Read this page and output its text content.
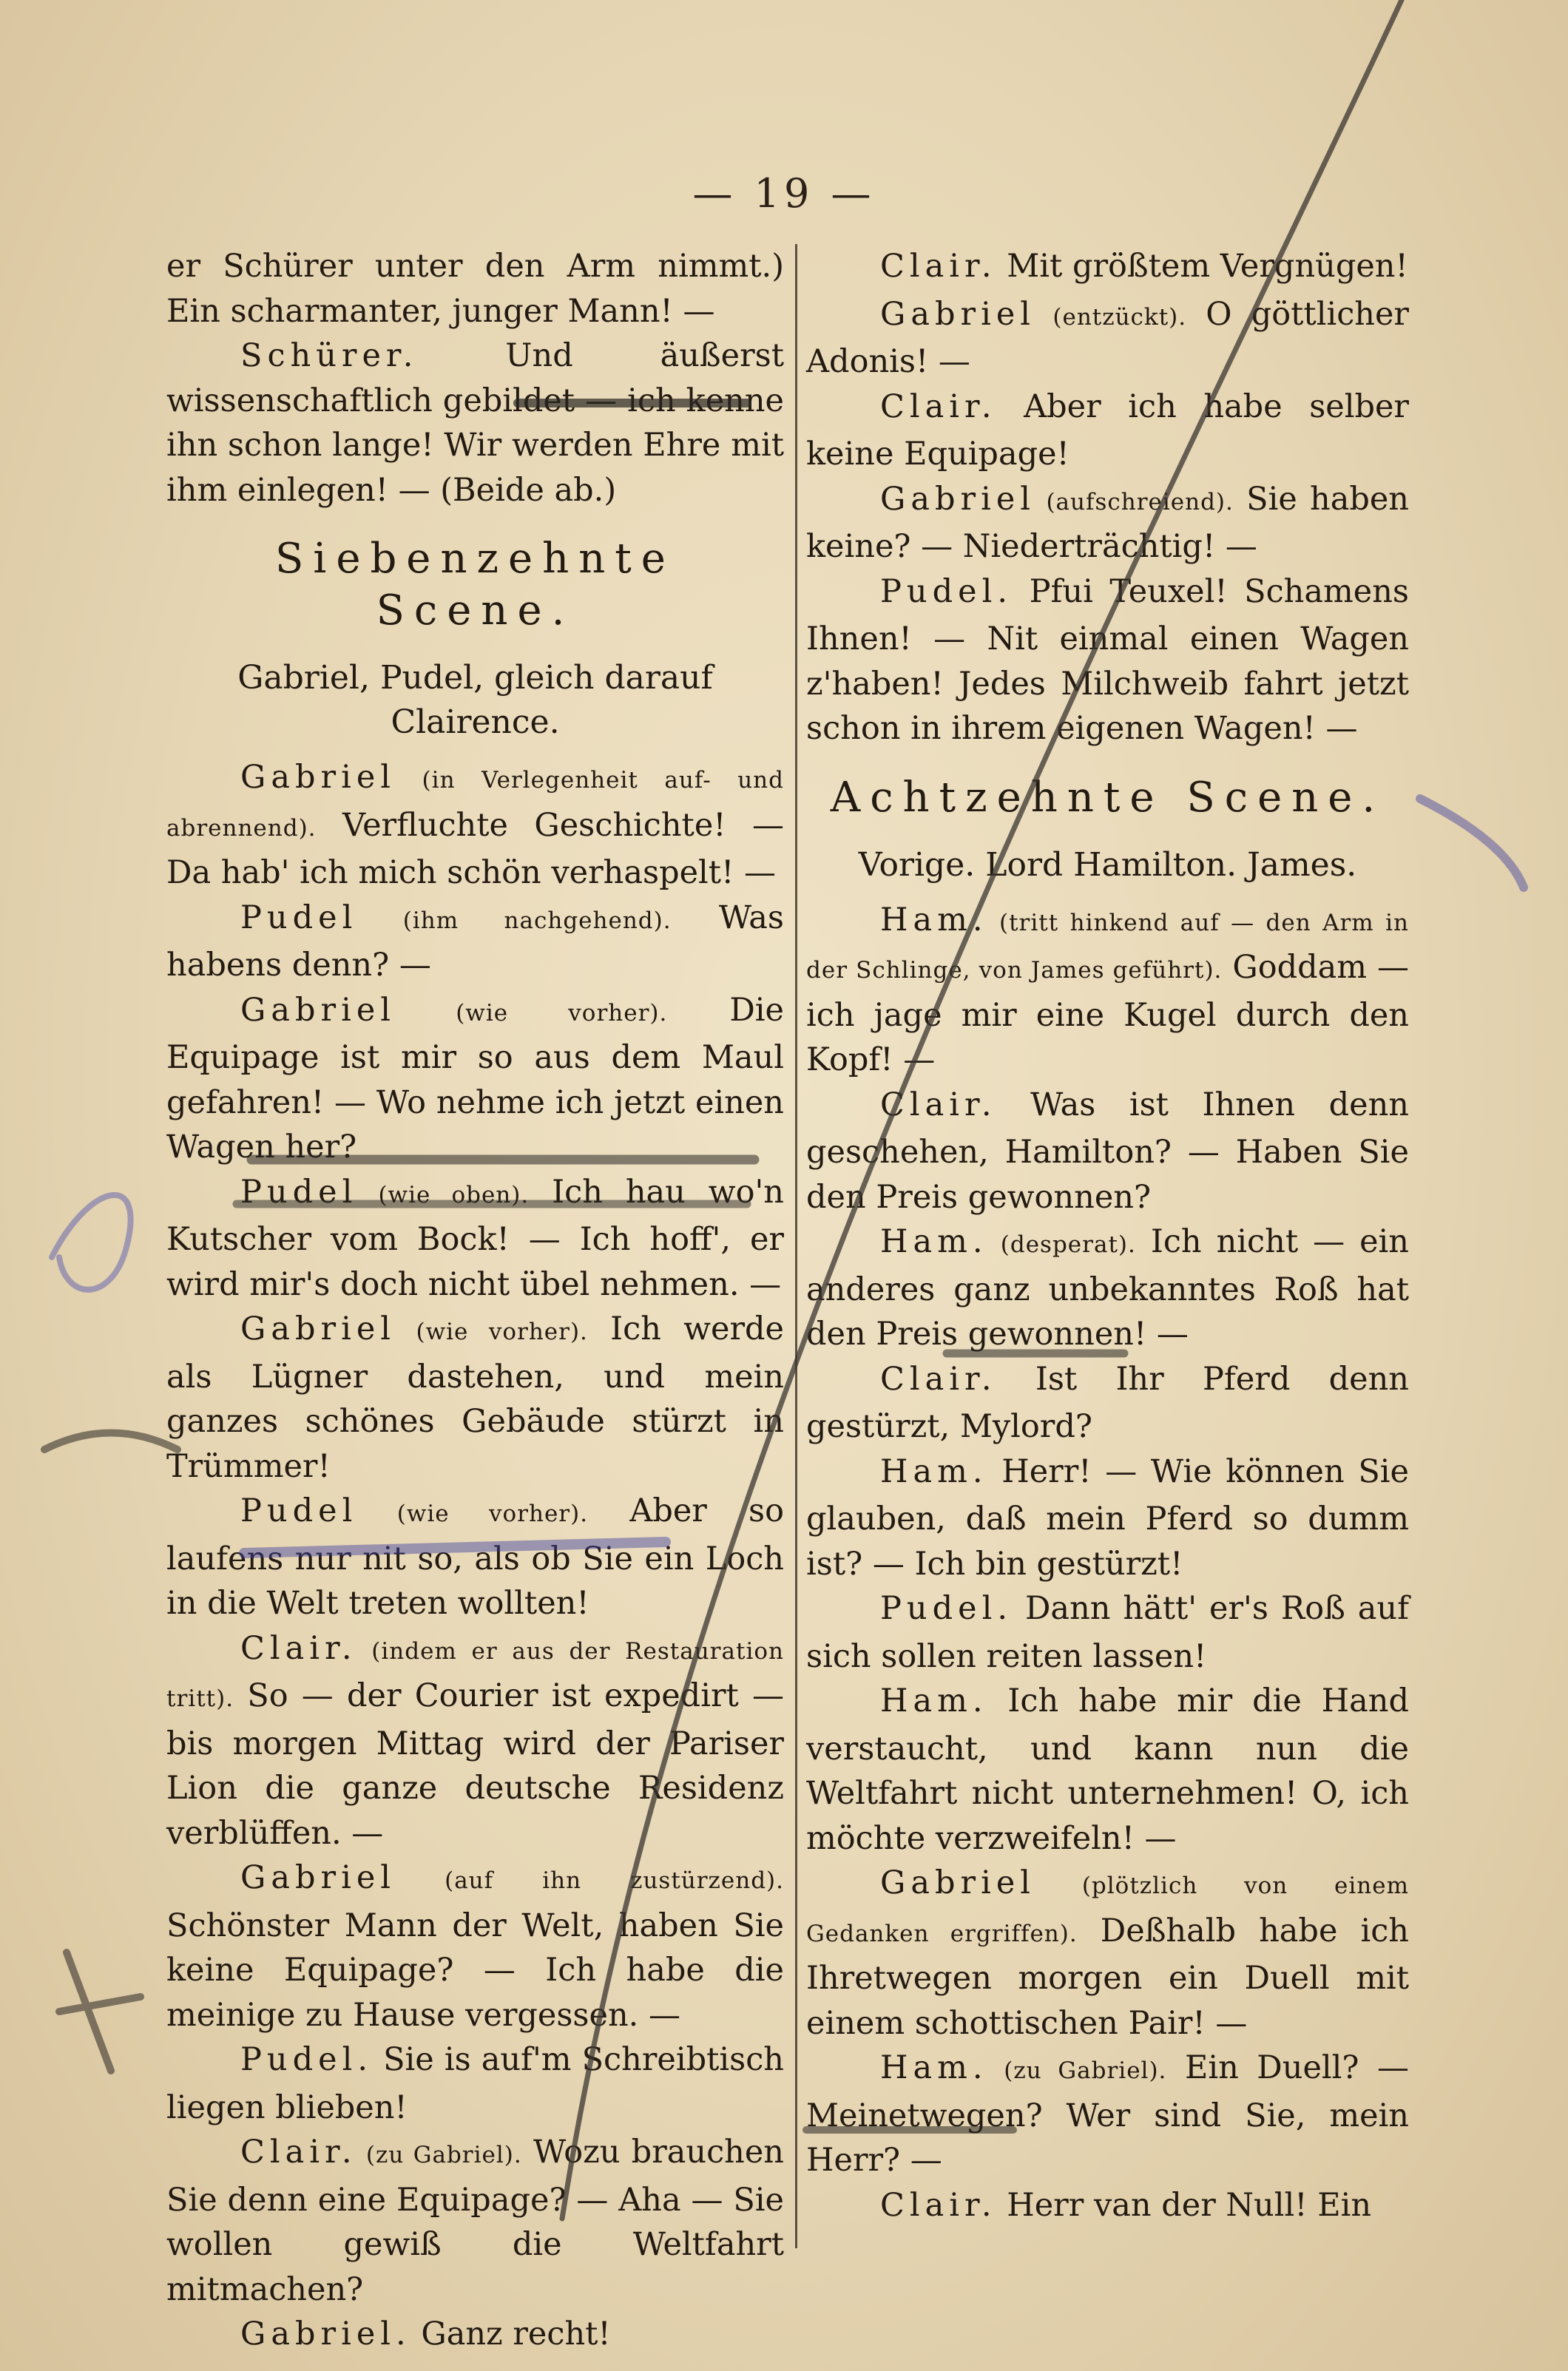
— 19 —

er Schürer unter den Arm nimmt.) Ein scharmanter, junger Mann! —

Schürer. Und äußerst wissenschaftlich gebildet — ich kenne ihn schon lange! Wir werden Ehre mit ihm einlegen! — (Beide ab.)

Siebenzehnte Scene.
Gabriel, Pudel, gleich darauf Clairence.

Gabriel (in Verlegenheit auf- und abrennend). Verfluchte Geschichte! — Da hab' ich mich schön verhaspelt! —

Pudel (ihm nachgehend). Was habens denn? —

Gabriel (wie vorher). Die Equipage ist mir so aus dem Maul gefahren! — Wo nehme ich jetzt einen Wagen her?

Pudel (wie oben). Ich hau wo'n Kutscher vom Bock! — Ich hoff', er wird mir's doch nicht übel nehmen. —

Gabriel (wie vorher). Ich werde als Lügner dastehen, und mein ganzes schönes Gebäude stürzt in Trümmer!

Pudel (wie vorher). Aber so laufens nur nit so, als ob Sie ein Loch in die Welt treten wollten!

Clair. (indem er aus der Restauration tritt). So — der Courier ist expedirt — bis morgen Mittag wird der Pariser Lion die ganze deutsche Residenz verblüffen. —

Gabriel (auf ihn zustürzend). Schönster Mann der Welt, haben Sie keine Equipage? — Ich habe die meinige zu Hause vergessen. —

Pudel. Sie is auf'm Schreibtisch liegen blieben!

Clair. (zu Gabriel). Wozu brauchen Sie denn eine Equipage? — Aha — Sie wollen gewiß die Weltfahrt mitmachen?

Gabriel. Ganz recht!

Clair. Mit größtem Vergnügen!

Gabriel (entzückt). O göttlicher Adonis! —

Clair. Aber ich habe selber keine Equipage!

Gabriel (aufschreiend). Sie haben keine? — Niederträchtig! —

Pudel. Pfui Teuxel! Schamens Ihnen! — Nit einmal einen Wagen z'haben! Jedes Milchweib fahrt jetzt schon in ihrem eigenen Wagen! —

Achtzehnte Scene.
Vorige. Lord Hamilton. James.

Ham. (tritt hinkend auf — den Arm in der Schlinge, von James geführt). Goddam — ich jage mir eine Kugel durch den Kopf! —

Clair. Was ist Ihnen denn geschehen, Hamilton? — Haben Sie den Preis gewonnen?

Ham. (desperat). Ich nicht — ein anderes ganz unbekanntes Roß hat den Preis gewonnen! —

Clair. Ist Ihr Pferd denn gestürzt, Mylord?

Ham. Herr! — Wie können Sie glauben, daß mein Pferd so dumm ist? — Ich bin gestürzt!

Pudel. Dann hätt' er's Roß auf sich sollen reiten lassen!

Ham. Ich habe mir die Hand verstaucht, und kann nun die Weltfahrt nicht unternehmen! O, ich möchte verzweifeln! —

Gabriel (plötzlich von einem Gedanken ergriffen). Deßhalb habe ich Ihretwegen morgen ein Duell mit einem schottischen Pair! —

Ham. (zu Gabriel). Ein Duell? — Meinetwegen? Wer sind Sie, mein Herr? —

Clair. Herr van der Null! Ein
